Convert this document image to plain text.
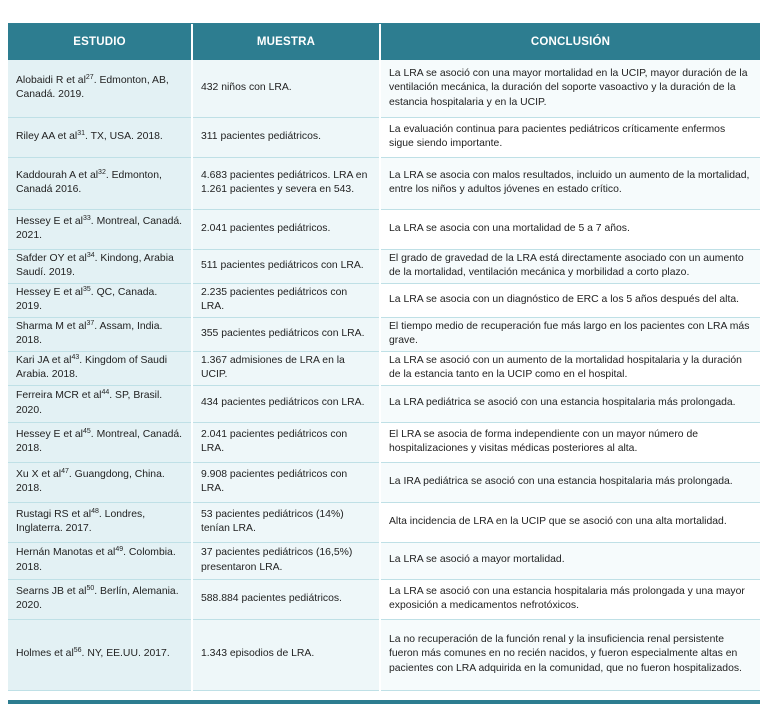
ESTUDIO	MUESTRA	CONCLUSIÓN
Alobaidi R et $al^{27}$. Edmonton, AB, Canadá. 2019.	432 niños con LRA.	La LRA se asoció con una mayor mortalidad en la UCIP, mayor duración de la ventilación mecánica, la duración del soporte vasoactivo y la duración de la estancia hospitalaria y en la UCIP.
Riley AA et $al^{31}$. TX, USA. 2018.	311 pacientes pediátricos.	La evaluación continua para pacientes pediátricos críticamente enfermos sigue siendo importante.
Kaddourah A et $al^{32}$. Edmonton, Canadá 2016.	4.683 pacientes pediátricos. LRA en 1.261 pacientes y severa en 543.	La LRA se asocia con malos resultados, incluido un aumento de la mortalidad, entre los niños y adultos jóvenes en estado crítico.
Hessey E et $al^{33}$. Montreal, Canadá. 2021.	2.041 pacientes pediátricos.	La LRA se asocia con una mortalidad de 5 a 7 años.
Safder OY et $al^{34}$. Kindong, Arabia Saudí. 2019.	511 pacientes pediátricos con LRA.	El grado de gravedad de la LRA está directamente asociado con un aumento de la mortalidad, ventilación mecánica y morbilidad a corto plazo.
Hessey E et $al^{35}$. QC, Canada. 2019.	2.235 pacientes pediátricos con LRA.	La LRA se asocia con un diagnóstico de ERC a los 5 años después del alta.
Sharma M et $al^{37}$. Assam, India. 2018.	355 pacientes pediátricos con LRA.	El tiempo medio de recuperación fue más largo en los pacientes con LRA más grave.
Kari JA et $al^{43}$. Kingdom of Saudi Arabia. 2018.	1.367 admisiones de LRA en la UCIP.	La LRA se asoció con un aumento de la mortalidad hospitalaria y la duración de la estancia tanto en la UCIP como en el hospital.
Ferreira MCR et $al^{44}$. SP, Brasil. 2020.	434 pacientes pediátricos con LRA.	La LRA pediátrica se asoció con una estancia hospitalaria más prolongada.
Hessey E et $al^{45}$. Montreal, Canadá. 2018.	2.041 pacientes pediátricos con LRA.	El LRA se asocia de forma independiente con un mayor número de hospitalizaciones y visitas médicas posteriores al alta.
Xu X et $al^{47}$. Guangdong, China. 2018.	9.908 pacientes pediátricos con LRA.	La IRA pediátrica se asoció con una estancia hospitalaria más prolongada.
Rustagi RS et $al^{48}$. Londres, Inglaterra. 2017.	53 pacientes pediátricos (14%) tenían LRA.	Alta incidencia de LRA en la UCIP que se asoció con una alta mortalidad.
Hernán Manotas et $al^{49}$. Colombia. 2018.	37 pacientes pediátricos (16,5%) presentaron LRA.	La LRA se asoció a mayor mortalidad.
Searns JB et $al^{50}$. Berlín, Alemania. 2020.	588.884 pacientes pediátricos.	La LRA se asoció con una estancia hospitalaria más prolongada y una mayor exposición a medicamentos nefrotóxicos.
Holmes et $al^{56}$. NY, EE.UU. 2017.	1.343 episodios de LRA.	La no recuperación de la función renal y la insuficiencia renal persistente fueron más comunes en no recién nacidos, y fueron especialmente altas en pacientes con LRA adquirida en la comunidad, que no fueron hospitalizados.
